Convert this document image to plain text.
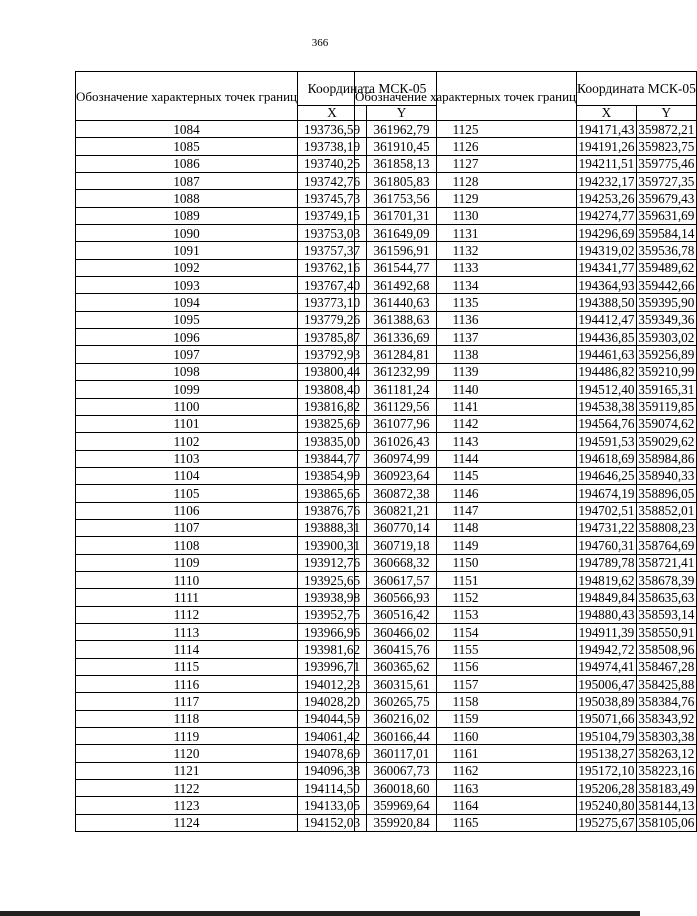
366
Обозначение характерных точек границ	Координата МСК-05	
	X	Y
1084	193736,59	361962,79
1085	193738,19	361910,45
1086	193740,25	361858,13
1087	193742,76	361805,83
1088	193745,73	361753,56
1089	193749,15	361701,31
1090	193753,03	361649,09
1091	193757,37	361596,91
1092	193762,16	361544,77
1093	193767,40	361492,68
1094	193773,10	361440,63
1095	193779,26	361388,63
1096	193785,87	361336,69
1097	193792,93	361284,81
1098	193800,44	361232,99
1099	193808,40	361181,24
1100	193816,82	361129,56
1101	193825,69	361077,96
1102	193835,00	361026,43
1103	193844,77	360974,99
1104	193854,99	360923,64
1105	193865,65	360872,38
1106	193876,76	360821,21
1107	193888,31	360770,14
1108	193900,31	360719,18
1109	193912,76	360668,32
1110	193925,65	360617,57
1111	193938,98	360566,93
1112	193952,75	360516,42
1113	193966,96	360466,02
1114	193981,62	360415,76
1115	193996,71	360365,62
1116	194012,23	360315,61
1117	194028,20	360265,75
1118	194044,59	360216,02
1119	194061,42	360166,44
1120	194078,69	360117,01
1121	194096,38	360067,73
1122	194114,50	360018,60
1123	194133,05	359969,64
1124	194152,03	359920,84
Обозначение характерных точек границ	Координата МСК-05	
	X	Y
1125	194171,43	359872,21
1126	194191,26	359823,75
1127	194211,51	359775,46
1128	194232,17	359727,35
1129	194253,26	359679,43
1130	194274,77	359631,69
1131	194296,69	359584,14
1132	194319,02	359536,78
1133	194341,77	359489,62
1134	194364,93	359442,66
1135	194388,50	359395,90
1136	194412,47	359349,36
1137	194436,85	359303,02
1138	194461,63	359256,89
1139	194486,82	359210,99
1140	194512,40	359165,31
1141	194538,38	359119,85
1142	194564,76	359074,62
1143	194591,53	359029,62
1144	194618,69	358984,86
1145	194646,25	358940,33
1146	194674,19	358896,05
1147	194702,51	358852,01
1148	194731,22	358808,23
1149	194760,31	358764,69
1150	194789,78	358721,41
1151	194819,62	358678,39
1152	194849,84	358635,63
1153	194880,43	358593,14
1154	194911,39	358550,91
1155	194942,72	358508,96
1156	194974,41	358467,28
1157	195006,47	358425,88
1158	195038,89	358384,76
1159	195071,66	358343,92
1160	195104,79	358303,38
1161	195138,27	358263,12
1162	195172,10	358223,16
1163	195206,28	358183,49
1164	195240,80	358144,13
1165	195275,67	358105,06
